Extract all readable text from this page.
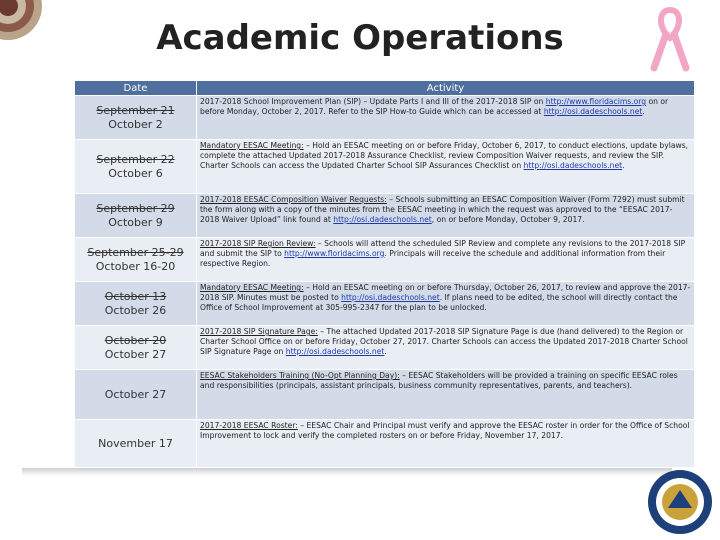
Academic Operations
Date	Activity

September 21
October 2	2017-2018 School Improvement Plan (SIP) – Update Parts I and III of the 2017-2018 SIP on http://www.floridacims.org on or before Monday, October 2, 2017. Refer to the SIP How-to Guide which can be accessed at http://osi.dadeschools.net.

September 22
October 6	Mandatory EESAC Meeting: – Hold an EESAC meeting on or before Friday, October 6, 2017, to conduct elections, update bylaws, complete the attached Updated 2017-2018 Assurance Checklist, review Composition Waiver requests, and review the SIP. Charter Schools can access the Updated Charter School SIP Assurances Checklist on http://osi.dadeschools.net.

September 29
October 9	2017-2018 EESAC Composition Waiver Requests: – Schools submitting an EESAC Composition Waiver (Form 7292) must submit the form along with a copy of the minutes from the EESAC meeting in which the request was approved to the “EESAC 2017-2018 Waiver Upload” link found at http://osi.dadeschools.net, on or before Monday, October 9, 2017.

September 25-29
October 16-20	2017-2018 SIP Region Review: – Schools will attend the scheduled SIP Review and complete any revisions to the 2017-2018 SIP and submit the SIP to http://www.floridacims.org. Principals will receive the schedule and additional information from their respective Region.

October 13
October 26	Mandatory EESAC Meeting: – Hold an EESAC meeting on or before Thursday, October 26, 2017, to review and approve the 2017-2018 SIP. Minutes must be posted to http://osi.dadeschools.net. If plans need to be edited, the school will directly contact the Office of School Improvement at 305-995-2347 for the plan to be unlocked.

October 20
October 27	2017-2018 SIP Signature Page: – The attached Updated 2017-2018 SIP Signature Page is due (hand delivered) to the Region or Charter School Office on or before Friday, October 27, 2017. Charter Schools can access the Updated 2017-2018 Charter School SIP Signature Page on http://osi.dadeschools.net.

October 27	EESAC Stakeholders Training (No-Opt Planning Day): – EESAC Stakeholders will be provided a training on specific EESAC roles and responsibilities (principals, assistant principals, business community representatives, parents, and teachers).

November 17	2017-2018 EESAC Roster: – EESAC Chair and Principal must verify and approve the EESAC roster in order for the Office of School Improvement to lock and verify the completed rosters on or before Friday, November 17, 2017.
